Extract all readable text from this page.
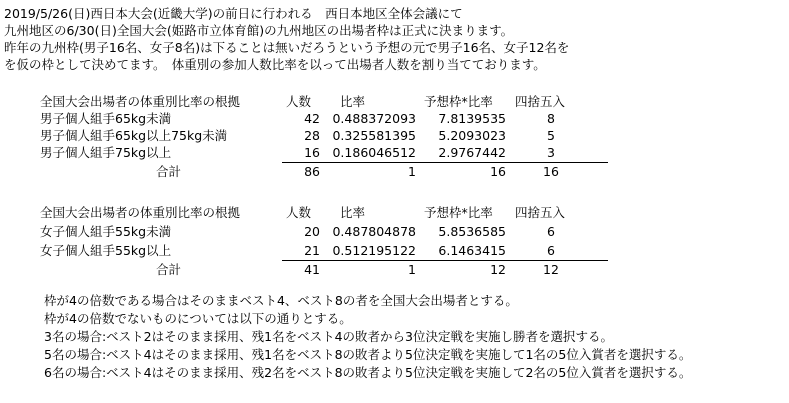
2019/5/26(日)西日本大会(近畿大学)の前日に行われる　西日本地区全体会議にて
九州地区の6/30(日)全国大会(姫路市立体育館)の九州地区の出場者枠は正式に決まります。
昨年の九州枠(男子16名、女子8名)は下ることは無いだろうという予想の元で男子16名、女子12名を
を仮の枠として決めてます。　体重別の参加人数比率を以って出場者人数を割り当てております。
全国大会出場者の体重別比率の根拠	人数 比率	予想枠*比率 四捨五入
男子個人組手65kg未満	42 0.488372093	7.8139535	8
男子個人組手65kg以上75kg未満	28 0.325581395	5.2093023	5
男子個人組手75kg以上	16 0.186046512	2.9767442	3
合計	86	1	16	16
全国大会出場者の体重別比率の根拠	人数 比率	予想枠*比率 四捨五入
女子個人組手55kg未満	20 0.487804878	5.8536585	6
女子個人組手55kg以上	21 0.512195122	6.1463415	6
合計	41	1	12	12
枠が4の倍数である場合はそのままベスト4、ベスト8の者を全国大会出場者とする。
枠が4の倍数でないものについては以下の通りとする。
3名の場合:ベスト2はそのまま採用、残1名をベスト4の敗者から3位決定戦を実施し勝者を選択する。
5名の場合:ベスト4はそのまま採用、残1名をベスト8の敗者より5位決定戦を実施して1名の5位入賞者を選択する。
6名の場合:ベスト4はそのまま採用、残2名をベスト8の敗者より5位決定戦を実施して2名の5位入賞者を選択する。
